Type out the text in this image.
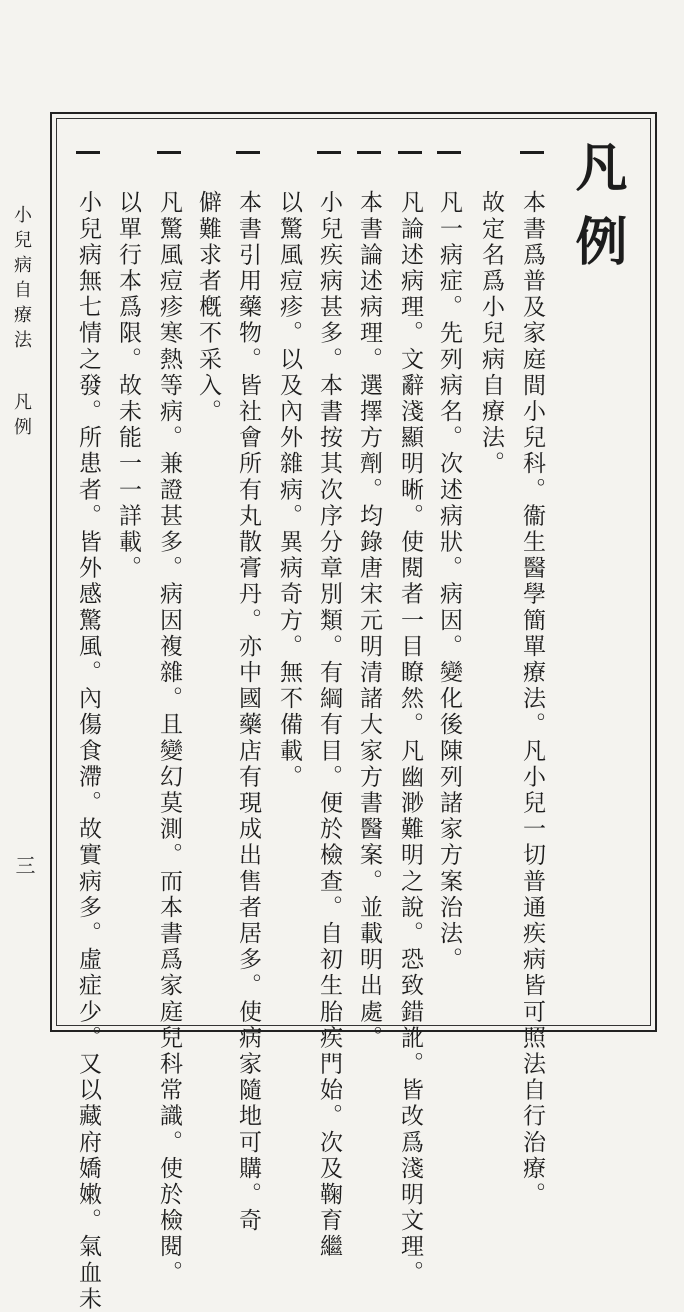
凡例
本書爲普及家庭間小兒科。衞生醫學簡單療法。凡小兒一切普通疾病皆可照法自行治療。
故定名爲小兒病自療法。
凡一病症。先列病名。次述病狀。病因。變化後陳列諸家方案治法。
凡論述病理。文辭淺顯明晰。使閱者一目瞭然。凡幽渺難明之說。恐致錯訛。皆改爲淺明文理。
本書論述病理。選擇方劑。均錄唐宋元明清諸大家方書醫案。並載明出處。
小兒疾病甚多。本書按其次序分章別類。有綱有目。便於檢查。自初生胎疾門始。次及鞠育繼
以驚風痘疹。以及內外雜病。異病奇方。無不備載。
本書引用藥物。皆社會所有丸散膏丹。亦中國藥店有現成出售者居多。使病家隨地可購。奇
僻難求者槪不采入。
凡驚風痘疹寒熱等病。兼證甚多。病因複雜。且變幻莫測。而本書爲家庭兒科常識。使於檢閱。
以單行本爲限。故未能一一詳載。
小兒病無七情之發。所患者。皆外感驚風。內傷食滯。故實病多。虛症少。又以藏府嬌嫩。氣血未
小兒病自療法
凡例
三
